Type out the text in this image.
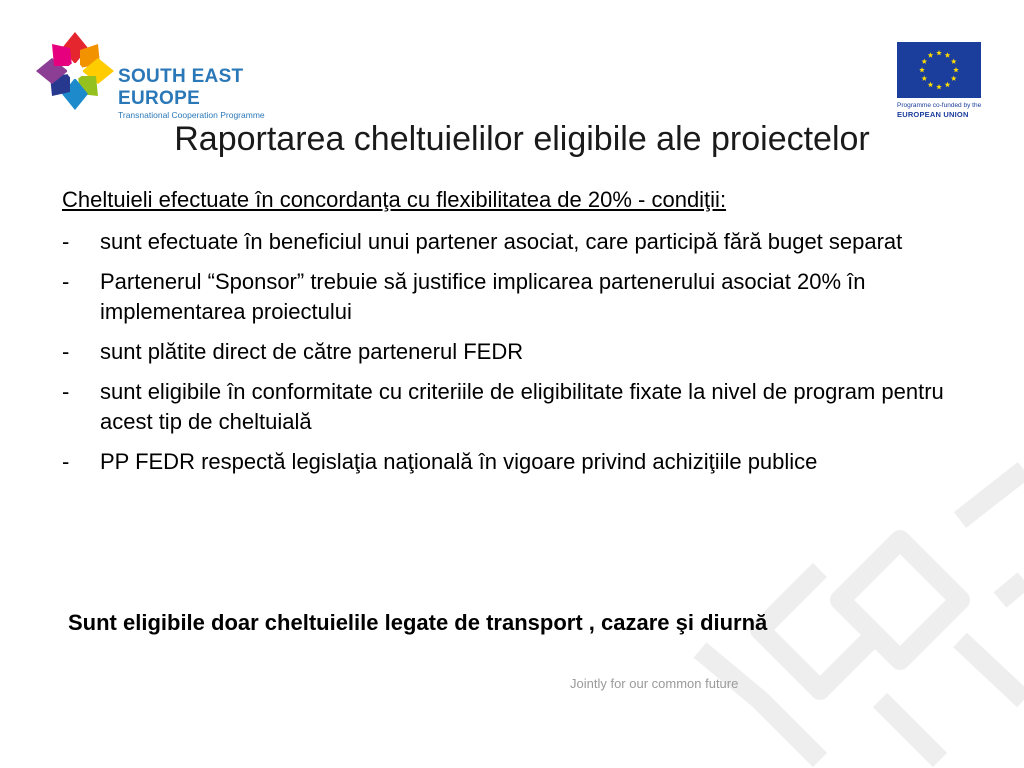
SOUTH EAST
EUROPE
Transnational Cooperation Programme
Programme co-funded by the
EUROPEAN UNION
Raportarea cheltuielilor eligibile ale proiectelor
Cheltuieli efectuate în concordanţa cu flexibilitatea de 20% - condiţii:
- sunt efectuate în beneficiul unui partener asociat, care participă fără buget separat
- Partenerul “Sponsor” trebuie să justifice implicarea partenerului asociat 20% în implementarea proiectului
- sunt plătite direct de către partenerul FEDR
- sunt eligibile în conformitate cu criteriile de eligibilitate fixate la nivel de program pentru acest tip de cheltuială
- PP FEDR respectă legislaţia naţională în vigoare privind achiziţiile publice
Sunt eligibile doar cheltuielile legate de transport , cazare şi diurnă
Jointly for our common future
